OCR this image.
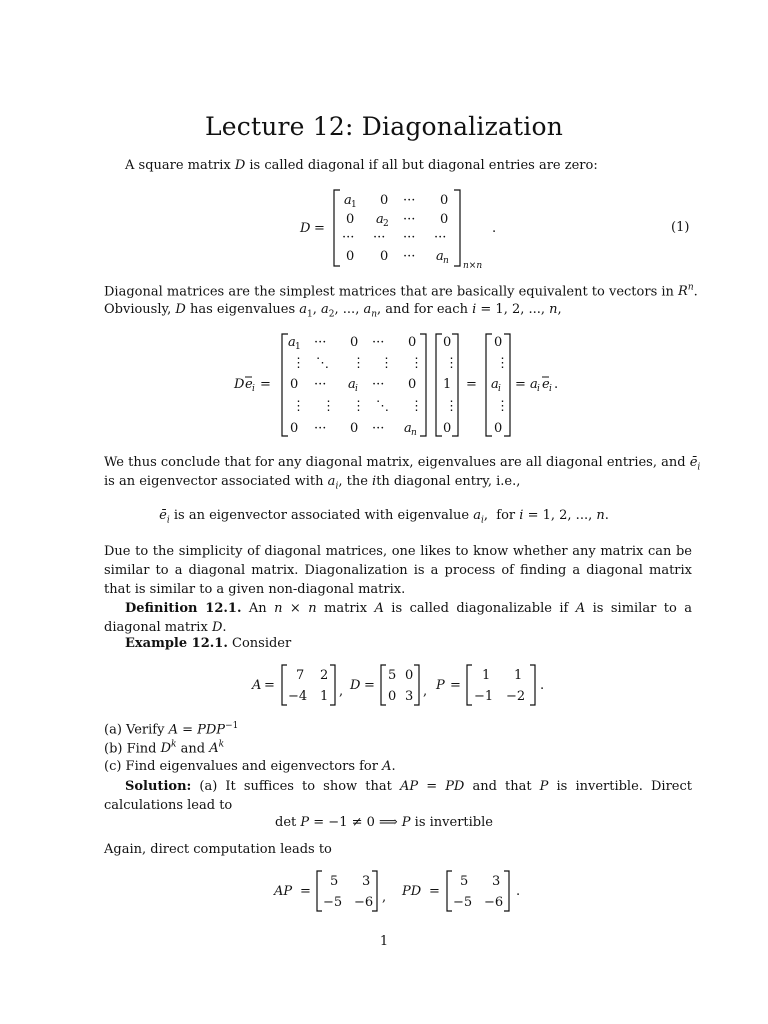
Lecture 12: Diagonalization
A square matrix D is called diagonal if all but diagonal entries are zero:
D =
a 1 0 ··· 0
0 a 2 ··· 0
··· ··· ··· ···
0 0 ··· a n n×n
.	(1)
Diagonal matrices are the simplest matrices that are basically equivalent to vectors in $R^n$.
Obviously, D has eigenvalues $a_1$, $a_2$, ..., $a_n$, and for each i = 1, 2, ..., n,
D e i =
a 1 ··· 0 ··· 0
⋮ ⋱ ⋮ ⋮ ⋮
0 ··· a i ··· 0
⋮ ⋮ ⋮ ⋱ ⋮
0 ··· 0 ··· a n
0
⋮
1
⋮
0
=
0
⋮
a i
⋮
0
= a i e i .
We thus conclude that for any diagonal matrix, eigenvalues are all diagonal entries, and $ē_i$
is an eigenvector associated with $a_i$, the ith diagonal entry, i.e.,
$ē_i$ is an eigenvector associated with eigenvalue $a_i$,  for i = 1, 2, ..., n.
Due to the simplicity of diagonal matrices, one likes to know whether any matrix can be similar to a diagonal matrix. Diagonalization is a process of finding a diagonal matrix that is similar to a given non-diagonal matrix.
Definition 12.1. An n × n matrix A is called diagonalizable if A is similar to a diagonal matrix D.
Example 12.1. Consider
A =
7 2
−4 1 , D =
5 0
0 3 , P =
1 1
−1 −2
.
(a) Verify $A = PDP^{-1}$
(b) Find $D^k$ and $A^k$
(c) Find eigenvalues and eigenvectors for A.
Solution: (a) It suffices to show that AP = PD and that P is invertible. Direct calculations lead to
det P = −1 ≠ 0 ⟹ P is invertible
Again, direct computation leads to
AP =
5 3
−5 −6 , PD =
5 3
−5 −6
.
1
